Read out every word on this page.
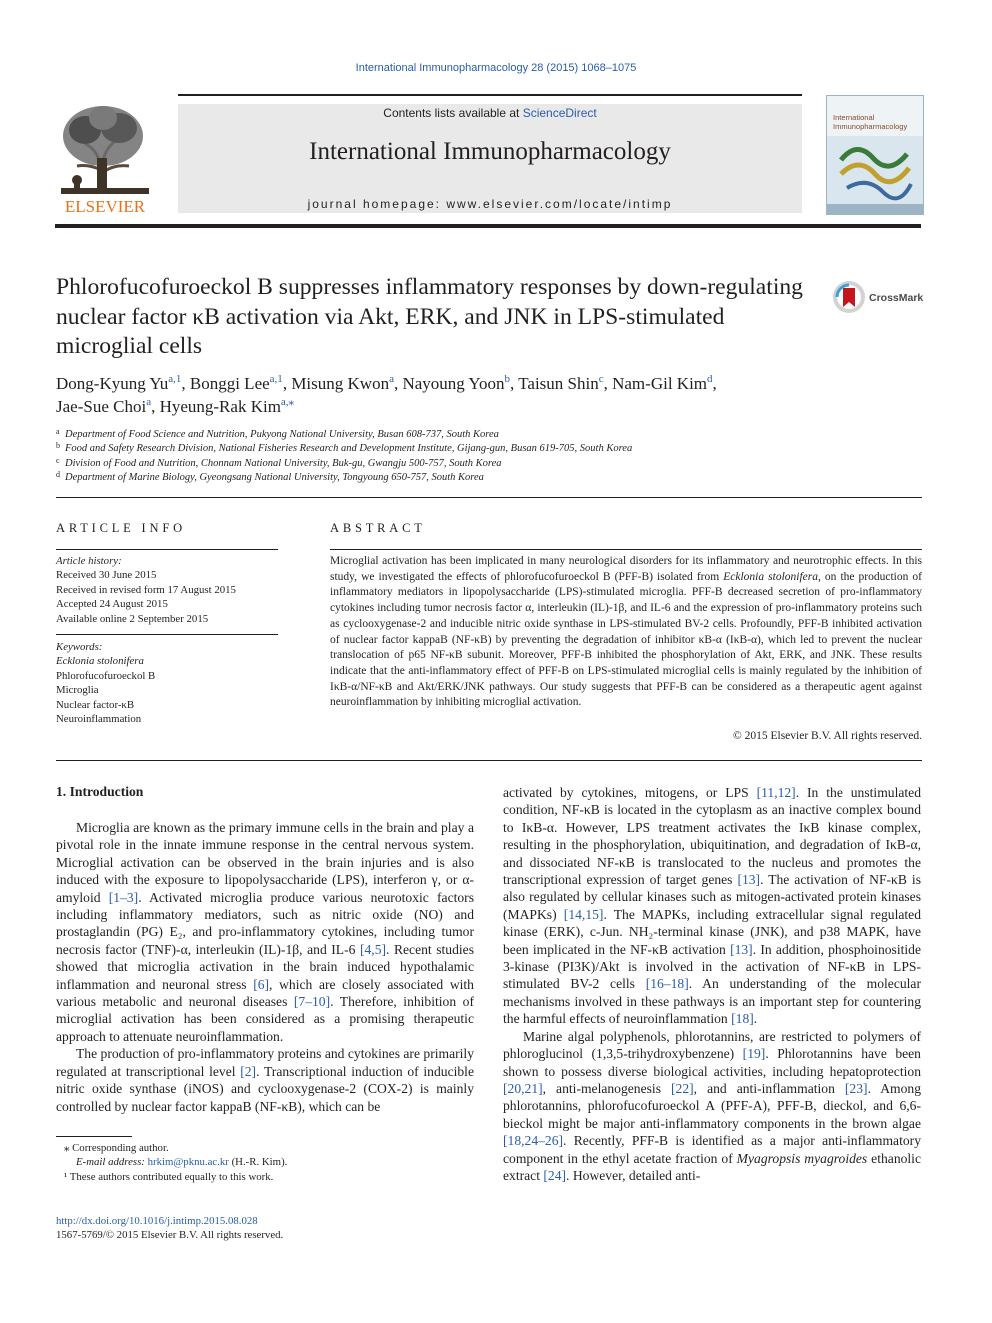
International Immunopharmacology 28 (2015) 1068–1075
Contents lists available at ScienceDirect
International Immunopharmacology
journal homepage: www.elsevier.com/locate/intimp
ELSEVIER
International
Immunopharmacology
Phlorofucofuroeckol B suppresses inflammatory responses by down-regulating nuclear factor κB activation via Akt, ERK, and JNK in LPS-stimulated microglial cells
CrossMark
Dong-Kyung Yu$^{a,1}$, Bonggi Lee$^{a,1}$, Misung Kwon$^a$, Nayoung Yoon$^b$, Taisun Shin$^c$, Nam-Gil Kim$^d$,
Jae-Sue Choi$^a$, Hyeung-Rak Kim$^{a,⁎}$
$^a$ Department of Food Science and Nutrition, Pukyong National University, Busan 608-737, South Korea
$^b$ Food and Safety Research Division, National Fisheries Research and Development Institute, Gijang-gun, Busan 619-705, South Korea
$^c$ Division of Food and Nutrition, Chonnam National University, Buk-gu, Gwangju 500-757, South Korea
$^d$ Department of Marine Biology, Gyeongsang National University, Tongyoung 650-757, South Korea
ARTICLE INFO
Article history:
Received 30 June 2015
Received in revised form 17 August 2015
Accepted 24 August 2015
Available online 2 September 2015
Keywords:
Ecklonia stolonifera
Phlorofucofuroeckol B
Microglia
Nuclear factor-κB
Neuroinflammation
ABSTRACT
Microglial activation has been implicated in many neurological disorders for its inflammatory and neurotrophic effects. In this study, we investigated the effects of phlorofucofuroeckol B (PFF-B) isolated from Ecklonia stolonifera, on the production of inflammatory mediators in lipopolysaccharide (LPS)-stimulated microglia. PFF-B decreased secretion of pro-inflammatory cytokines including tumor necrosis factor α, interleukin (IL)-1β, and IL-6 and the expression of pro-inflammatory proteins such as cyclooxygenase-2 and inducible nitric oxide synthase in LPS-stimulated BV-2 cells. Profoundly, PFF-B inhibited activation of nuclear factor kappaB (NF-κB) by preventing the degradation of inhibitor κB-α (IκB-α), which led to prevent the nuclear translocation of p65 NF-κB subunit. Moreover, PFF-B inhibited the phosphorylation of Akt, ERK, and JNK. These results indicate that the anti-inflammatory effect of PFF-B on LPS-stimulated microglial cells is mainly regulated by the inhibition of IκB-α/NF-κB and Akt/ERK/JNK pathways. Our study suggests that PFF-B can be considered as a therapeutic agent against neuroinflammation by inhibiting microglial activation.
© 2015 Elsevier B.V. All rights reserved.
1. Introduction

Microglia are known as the primary immune cells in the brain and play a pivotal role in the innate immune response in the central nervous system. Microglial activation can be observed in the brain injuries and is also induced with the exposure to lipopolysaccharide (LPS), interferon γ, or α-amyloid [1–3]. Activated microglia produce various neurotoxic factors including inflammatory mediators, such as nitric oxide (NO) and prostaglandin (PG) E₂, and pro-inflammatory cytokines, including tumor necrosis factor (TNF)-α, interleukin (IL)-1β, and IL-6 [4,5]. Recent studies showed that microglia activation in the brain induced hypothalamic inflammation and neuronal stress [6], which are closely associated with various metabolic and neuronal diseases [7–10]. Therefore, inhibition of microglial activation has been considered as a promising therapeutic approach to attenuate neuroinflammation.

The production of pro-inflammatory proteins and cytokines are primarily regulated at transcriptional level [2]. Transcriptional induction of inducible nitric oxide synthase (iNOS) and cyclooxygenase-2 (COX-2) is mainly controlled by nuclear factor kappaB (NF-κB), which can be

activated by cytokines, mitogens, or LPS [11,12]. In the unstimulated condition, NF-κB is located in the cytoplasm as an inactive complex bound to IκB-α. However, LPS treatment activates the IκB kinase complex, resulting in the phosphorylation, ubiquitination, and degradation of IκB-α, and dissociated NF-κB is translocated to the nucleus and promotes the transcriptional expression of target genes [13]. The activation of NF-κB is also regulated by cellular kinases such as mitogen-activated protein kinases (MAPKs) [14,15]. The MAPKs, including extracellular signal regulated kinase (ERK), c-Jun. NH₂-terminal kinase (JNK), and p38 MAPK, have been implicated in the NF-κB activation [13]. In addition, phosphoinositide 3-kinase (PI3K)/Akt is involved in the activation of NF-κB in LPS-stimulated BV-2 cells [16–18]. An understanding of the molecular mechanisms involved in these pathways is an important step for countering the harmful effects of neuroinflammation [18].

Marine algal polyphenols, phlorotannins, are restricted to polymers of phloroglucinol (1,3,5-trihydroxybenzene) [19]. Phlorotannins have been shown to possess diverse biological activities, including hepatoprotection [20,21], anti-melanogenesis [22], and anti-inflammation [23]. Among phlorotannins, phlorofucofuroeckol A (PFF-A), PFF-B, dieckol, and 6,6-bieckol might be major anti-inflammatory components in the brown algae [18,24–26]. Recently, PFF-B is identified as a major anti-inflammatory component in the ethyl acetate fraction of Myagropsis myagroides ethanolic extract [24]. However, detailed anti-

⁎ Corresponding author.
E-mail address: hrkim@pknu.ac.kr (H.-R. Kim).
¹ These authors contributed equally to this work.
http://dx.doi.org/10.1016/j.intimp.2015.08.028
1567-5769/© 2015 Elsevier B.V. All rights reserved.
